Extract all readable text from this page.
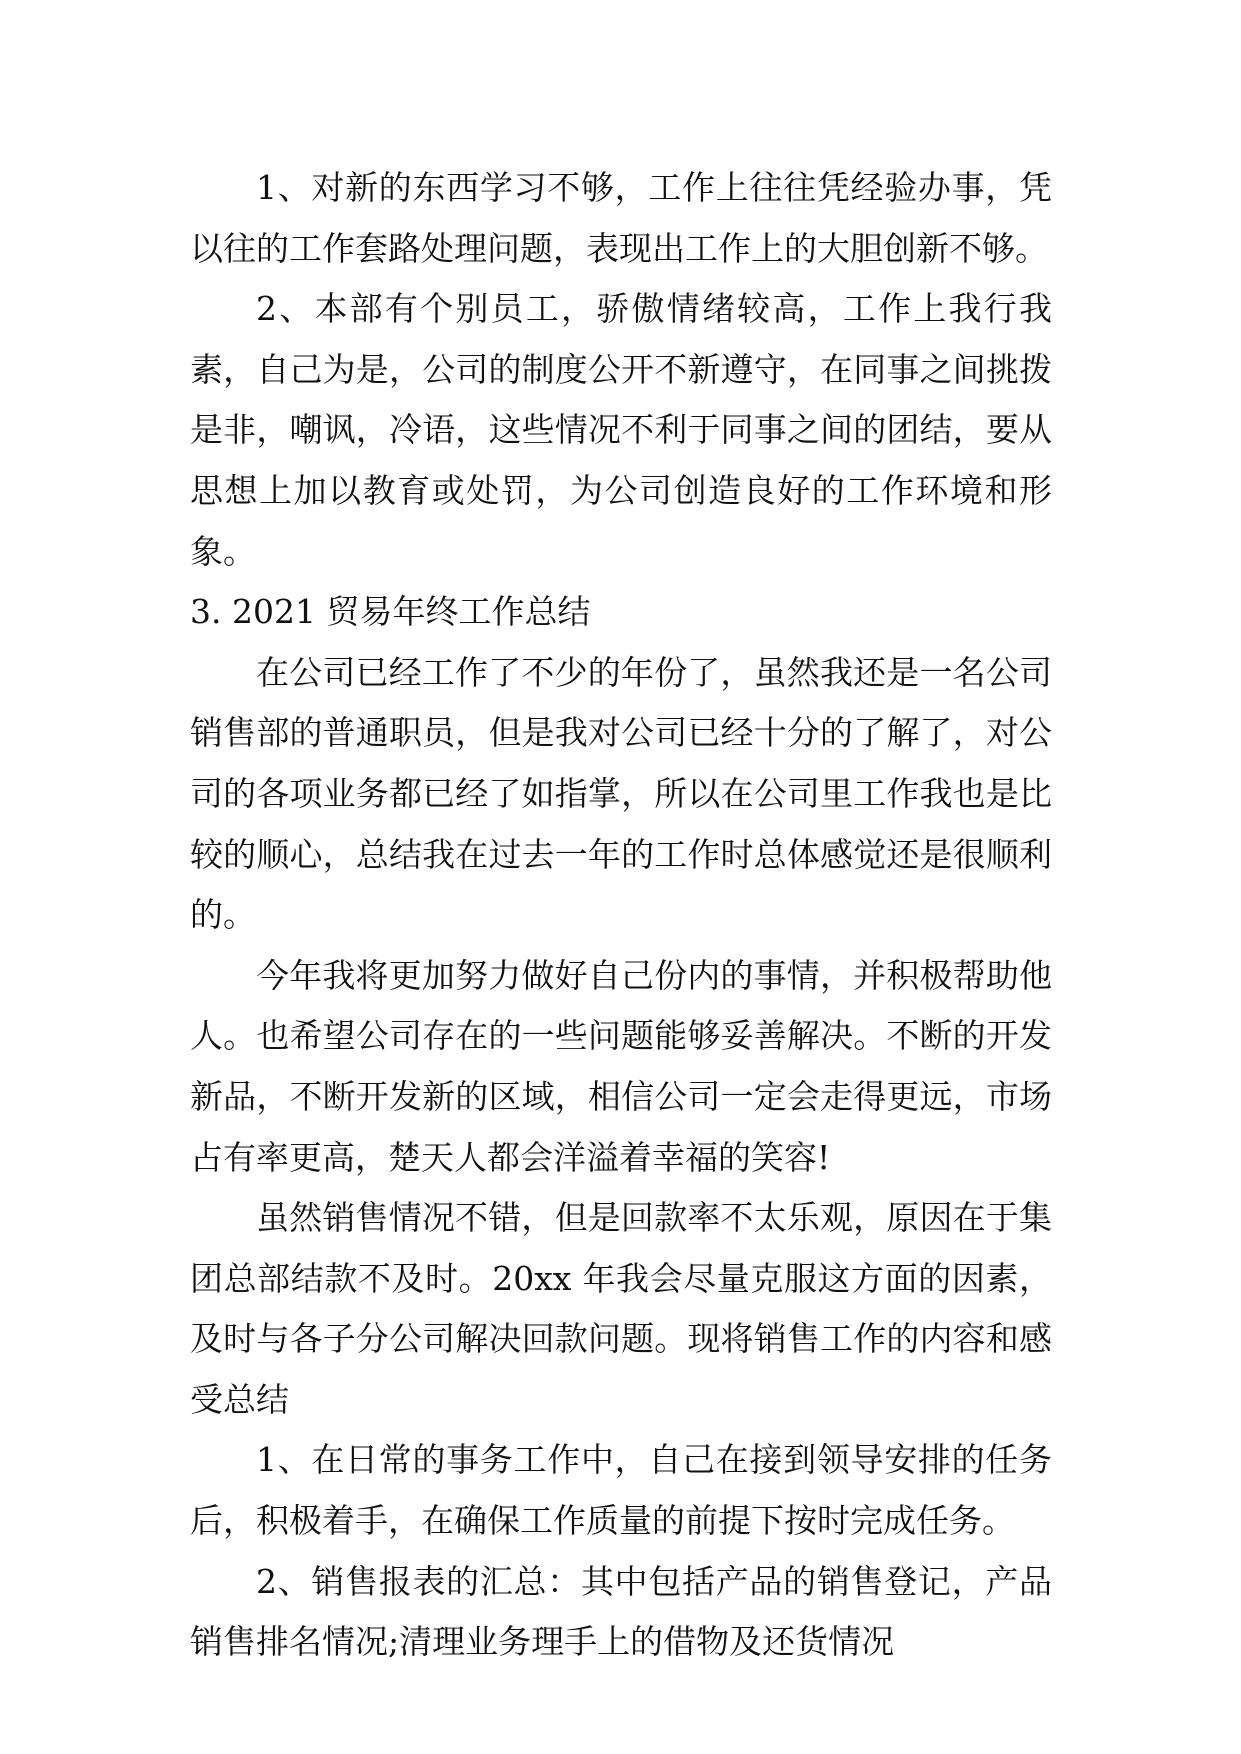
1、对新的东西学习不够，工作上往往凭经验办事，凭以往的工作套路处理问题，表现出工作上的大胆创新不够。

2、本部有个别员工，骄傲情绪较高，工作上我行我素，自己为是，公司的制度公开不新遵守，在同事之间挑拨是非，嘲讽，冷语，这些情况不利于同事之间的团结，要从思想上加以教育或处罚，为公司创造良好的工作环境和形象。

3. 2021 贸易年终工作总结

在公司已经工作了不少的年份了，虽然我还是一名公司销售部的普通职员，但是我对公司已经十分的了解了，对公司的各项业务都已经了如指掌，所以在公司里工作我也是比较的顺心，总结我在过去一年的工作时总体感觉还是很顺利的。

今年我将更加努力做好自己份内的事情，并积极帮助他人。也希望公司存在的一些问题能够妥善解决。不断的开发新品，不断开发新的区域，相信公司一定会走得更远，市场占有率更高，楚天人都会洋溢着幸福的笑容!

虽然销售情况不错，但是回款率不太乐观，原因在于集团总部结款不及时。20xx 年我会尽量克服这方面的因素，及时与各子分公司解决回款问题。现将销售工作的内容和感受总结

1、在日常的事务工作中，自己在接到领导安排的任务后，积极着手，在确保工作质量的前提下按时完成任务。

2、销售报表的汇总：其中包括产品的销售登记，产品销售排名情况;清理业务理手上的借物及还货情况
